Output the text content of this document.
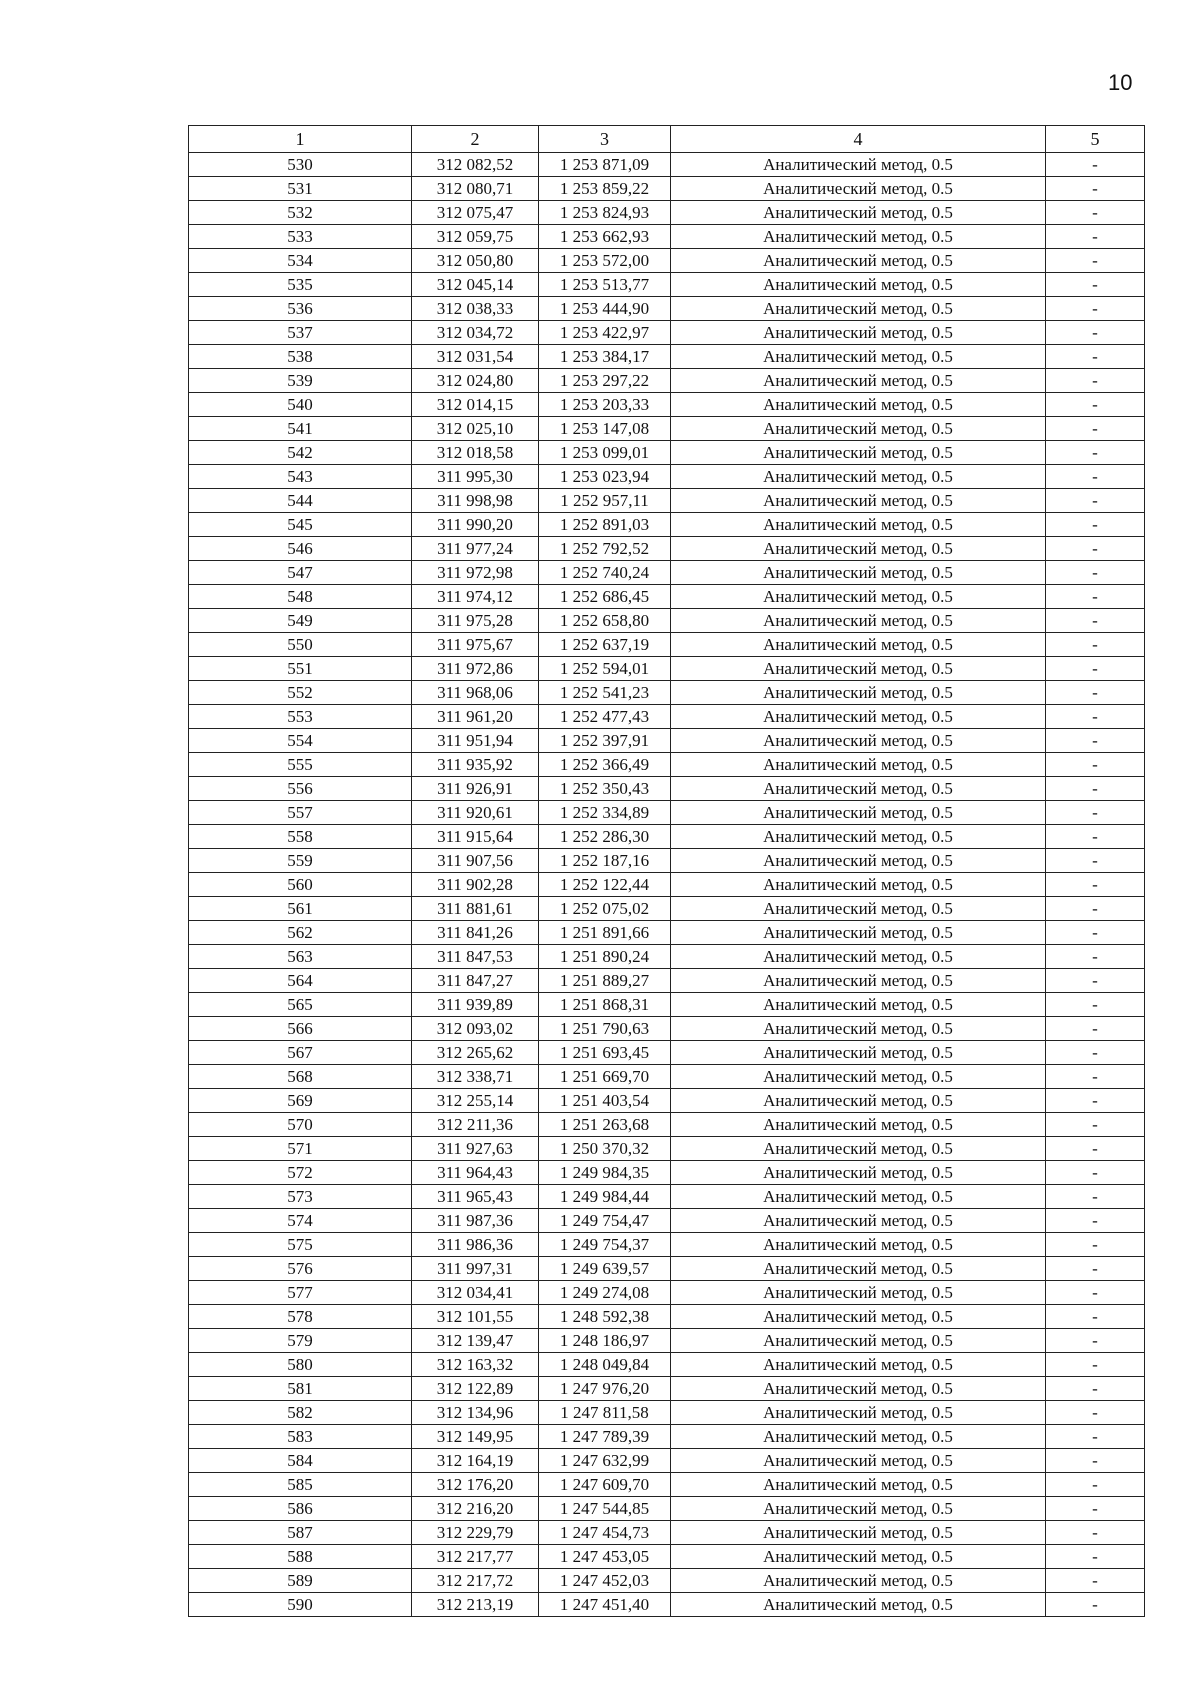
10
1	2	3	4	5
530	312 082,52	1 253 871,09	Аналитический метод, 0.5	-
531	312 080,71	1 253 859,22	Аналитический метод, 0.5	-
532	312 075,47	1 253 824,93	Аналитический метод, 0.5	-
533	312 059,75	1 253 662,93	Аналитический метод, 0.5	-
534	312 050,80	1 253 572,00	Аналитический метод, 0.5	-
535	312 045,14	1 253 513,77	Аналитический метод, 0.5	-
536	312 038,33	1 253 444,90	Аналитический метод, 0.5	-
537	312 034,72	1 253 422,97	Аналитический метод, 0.5	-
538	312 031,54	1 253 384,17	Аналитический метод, 0.5	-
539	312 024,80	1 253 297,22	Аналитический метод, 0.5	-
540	312 014,15	1 253 203,33	Аналитический метод, 0.5	-
541	312 025,10	1 253 147,08	Аналитический метод, 0.5	-
542	312 018,58	1 253 099,01	Аналитический метод, 0.5	-
543	311 995,30	1 253 023,94	Аналитический метод, 0.5	-
544	311 998,98	1 252 957,11	Аналитический метод, 0.5	-
545	311 990,20	1 252 891,03	Аналитический метод, 0.5	-
546	311 977,24	1 252 792,52	Аналитический метод, 0.5	-
547	311 972,98	1 252 740,24	Аналитический метод, 0.5	-
548	311 974,12	1 252 686,45	Аналитический метод, 0.5	-
549	311 975,28	1 252 658,80	Аналитический метод, 0.5	-
550	311 975,67	1 252 637,19	Аналитический метод, 0.5	-
551	311 972,86	1 252 594,01	Аналитический метод, 0.5	-
552	311 968,06	1 252 541,23	Аналитический метод, 0.5	-
553	311 961,20	1 252 477,43	Аналитический метод, 0.5	-
554	311 951,94	1 252 397,91	Аналитический метод, 0.5	-
555	311 935,92	1 252 366,49	Аналитический метод, 0.5	-
556	311 926,91	1 252 350,43	Аналитический метод, 0.5	-
557	311 920,61	1 252 334,89	Аналитический метод, 0.5	-
558	311 915,64	1 252 286,30	Аналитический метод, 0.5	-
559	311 907,56	1 252 187,16	Аналитический метод, 0.5	-
560	311 902,28	1 252 122,44	Аналитический метод, 0.5	-
561	311 881,61	1 252 075,02	Аналитический метод, 0.5	-
562	311 841,26	1 251 891,66	Аналитический метод, 0.5	-
563	311 847,53	1 251 890,24	Аналитический метод, 0.5	-
564	311 847,27	1 251 889,27	Аналитический метод, 0.5	-
565	311 939,89	1 251 868,31	Аналитический метод, 0.5	-
566	312 093,02	1 251 790,63	Аналитический метод, 0.5	-
567	312 265,62	1 251 693,45	Аналитический метод, 0.5	-
568	312 338,71	1 251 669,70	Аналитический метод, 0.5	-
569	312 255,14	1 251 403,54	Аналитический метод, 0.5	-
570	312 211,36	1 251 263,68	Аналитический метод, 0.5	-
571	311 927,63	1 250 370,32	Аналитический метод, 0.5	-
572	311 964,43	1 249 984,35	Аналитический метод, 0.5	-
573	311 965,43	1 249 984,44	Аналитический метод, 0.5	-
574	311 987,36	1 249 754,47	Аналитический метод, 0.5	-
575	311 986,36	1 249 754,37	Аналитический метод, 0.5	-
576	311 997,31	1 249 639,57	Аналитический метод, 0.5	-
577	312 034,41	1 249 274,08	Аналитический метод, 0.5	-
578	312 101,55	1 248 592,38	Аналитический метод, 0.5	-
579	312 139,47	1 248 186,97	Аналитический метод, 0.5	-
580	312 163,32	1 248 049,84	Аналитический метод, 0.5	-
581	312 122,89	1 247 976,20	Аналитический метод, 0.5	-
582	312 134,96	1 247 811,58	Аналитический метод, 0.5	-
583	312 149,95	1 247 789,39	Аналитический метод, 0.5	-
584	312 164,19	1 247 632,99	Аналитический метод, 0.5	-
585	312 176,20	1 247 609,70	Аналитический метод, 0.5	-
586	312 216,20	1 247 544,85	Аналитический метод, 0.5	-
587	312 229,79	1 247 454,73	Аналитический метод, 0.5	-
588	312 217,77	1 247 453,05	Аналитический метод, 0.5	-
589	312 217,72	1 247 452,03	Аналитический метод, 0.5	-
590	312 213,19	1 247 451,40	Аналитический метод, 0.5	-
